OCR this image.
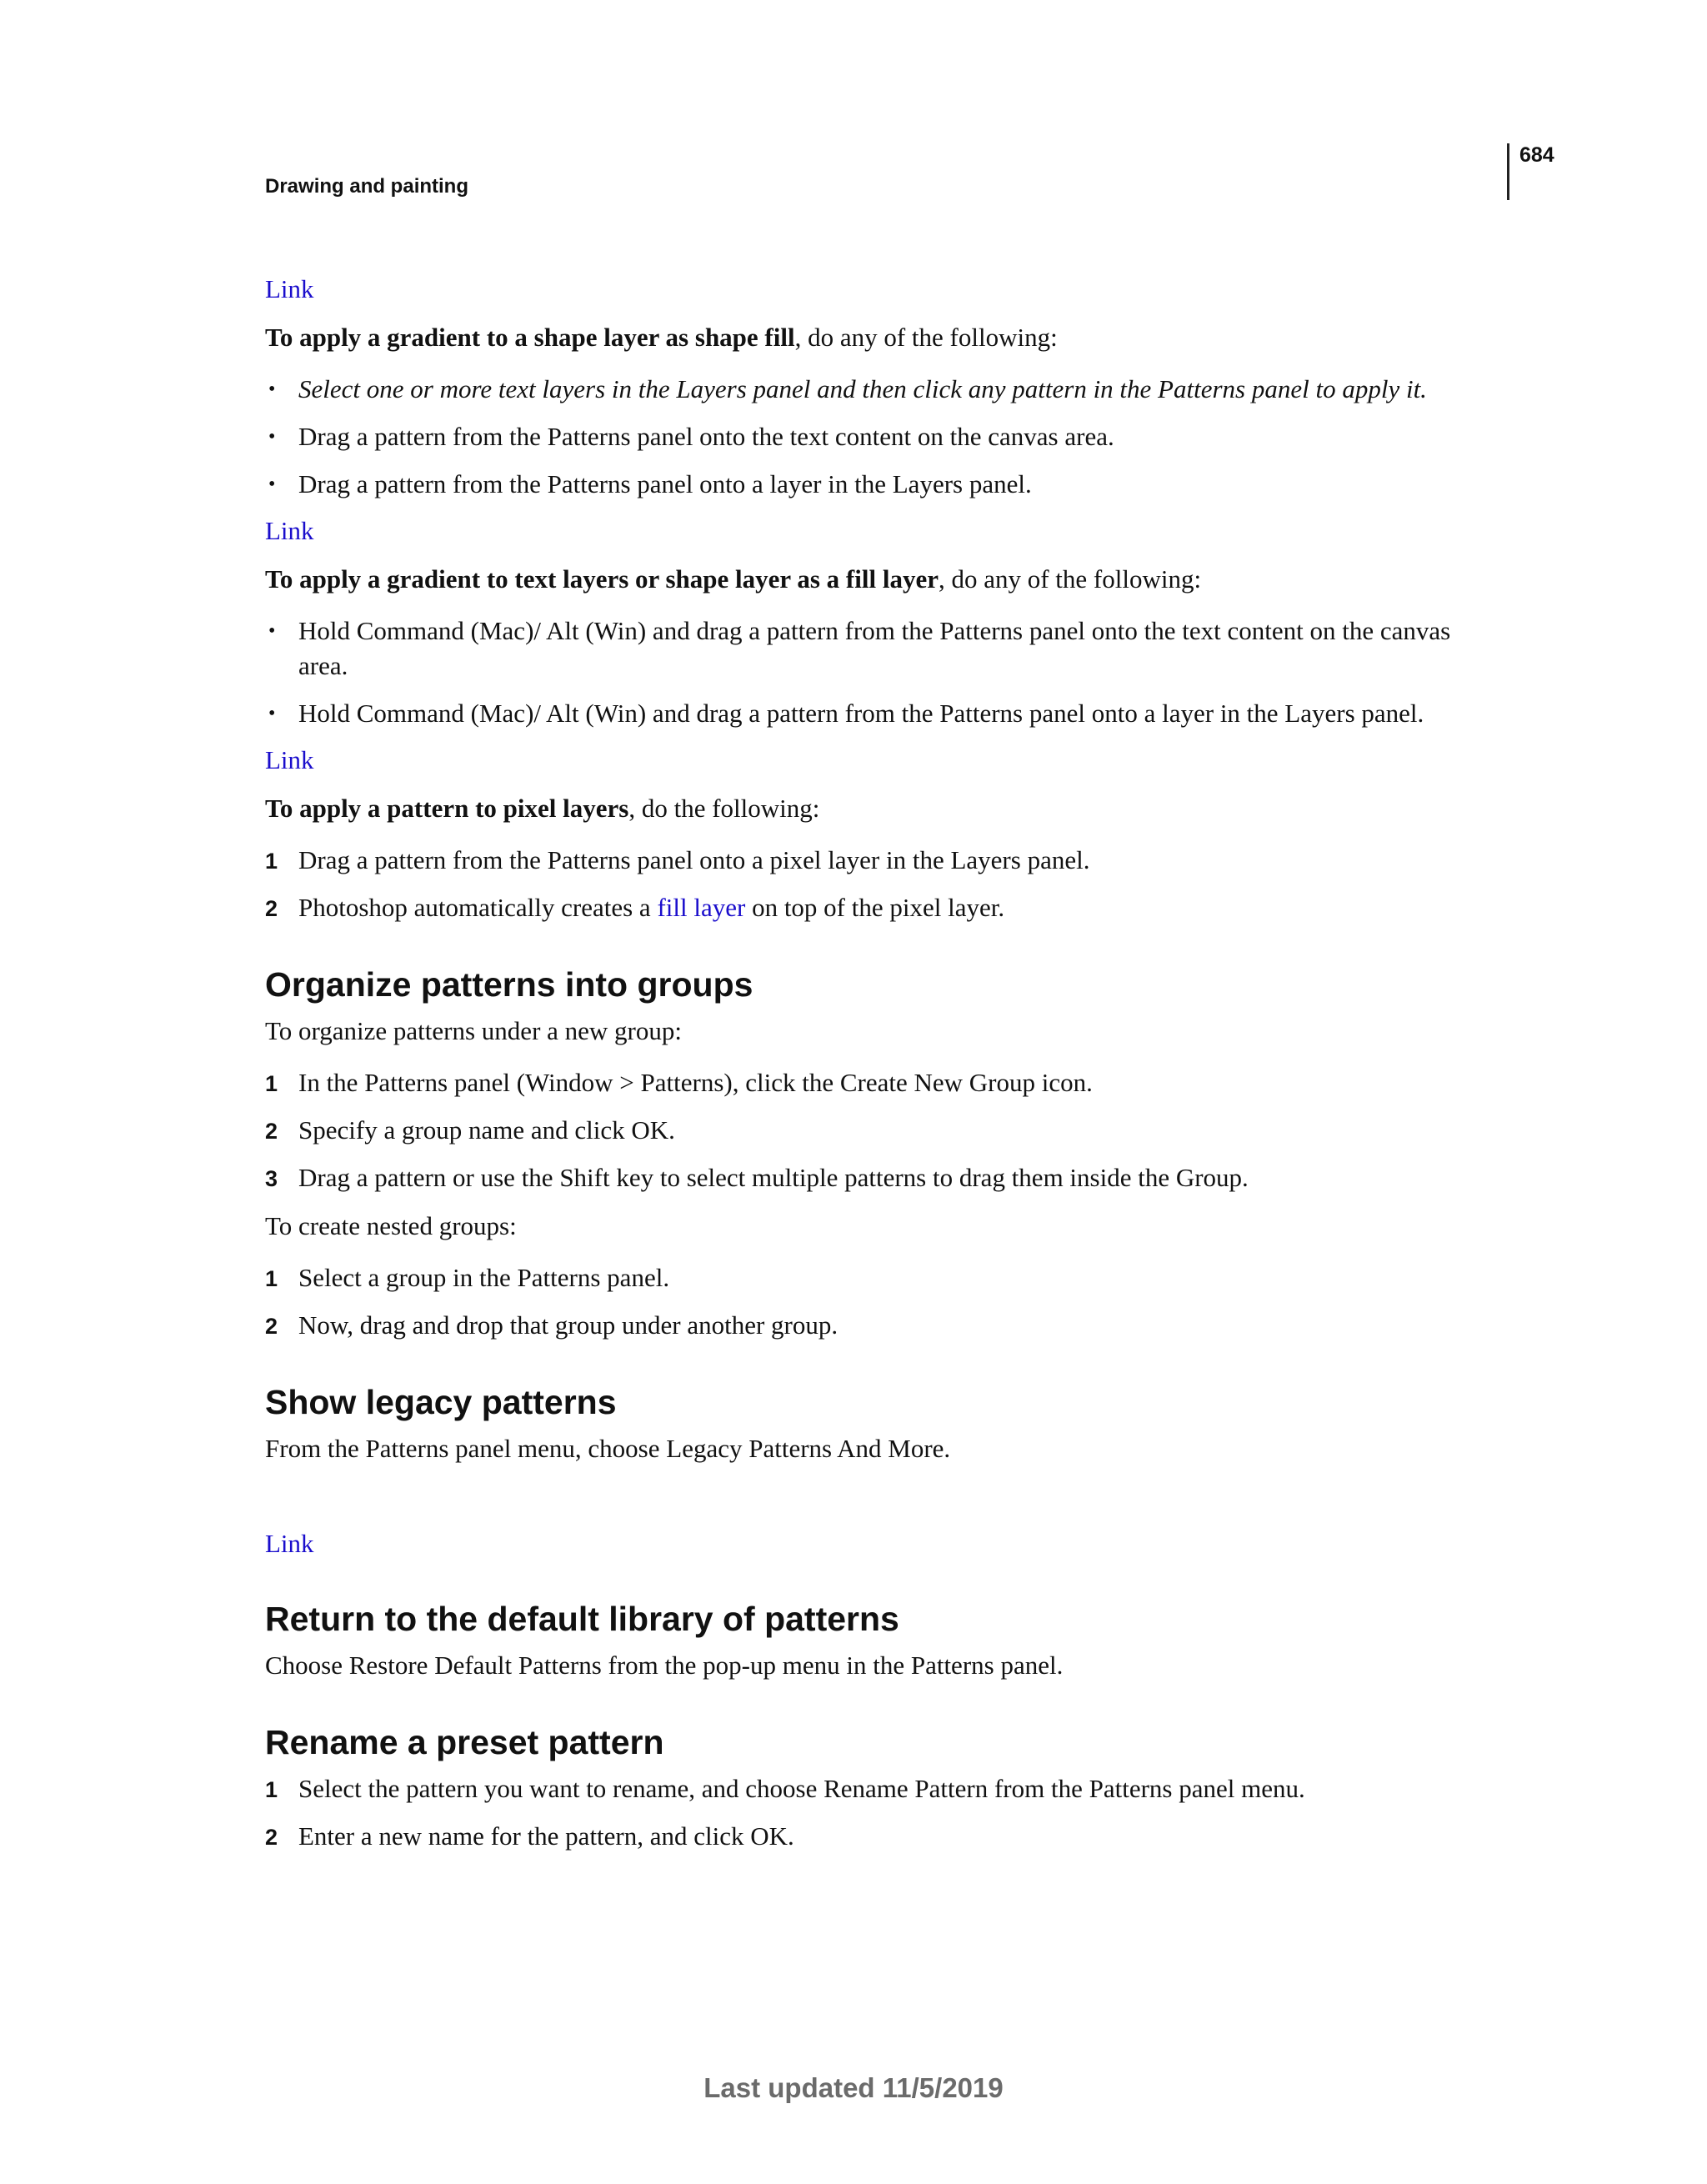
684
Drawing and painting
Link

To apply a gradient to a shape layer as shape fill, do any of the following:

• Select one or more text layers in the Layers panel and then click any pattern in the Patterns panel to apply it.
• Drag a pattern from the Patterns panel onto the text content on the canvas area.
• Drag a pattern from the Patterns panel onto a layer in the Layers panel.
Link

To apply a gradient to text layers or shape layer as a fill layer, do any of the following:

• Hold Command (Mac)/ Alt (Win) and drag a pattern from the Patterns panel onto the text content on the canvas area.
• Hold Command (Mac)/ Alt (Win) and drag a pattern from the Patterns panel onto a layer in the Layers panel.
Link

To apply a pattern to pixel layers, do the following:

1 Drag a pattern from the Patterns panel onto a pixel layer in the Layers panel.
2 Photoshop automatically creates a fill layer on top of the pixel layer.
Organize patterns into groups

To organize patterns under a new group:

1 In the Patterns panel (Window > Patterns), click the Create New Group icon.
2 Specify a group name and click OK.
3 Drag a pattern or use the Shift key to select multiple patterns to drag them inside the Group.

To create nested groups:

1 Select a group in the Patterns panel.
2 Now, drag and drop that group under another group.
Show legacy patterns

From the Patterns panel menu, choose Legacy Patterns And More.

Link
Return to the default library of patterns

Choose Restore Default Patterns from the pop-up menu in the Patterns panel.

Rename a preset pattern
1 Select the pattern you want to rename, and choose Rename Pattern from the Patterns panel menu.
2 Enter a new name for the pattern, and click OK.
Last updated 11/5/2019
